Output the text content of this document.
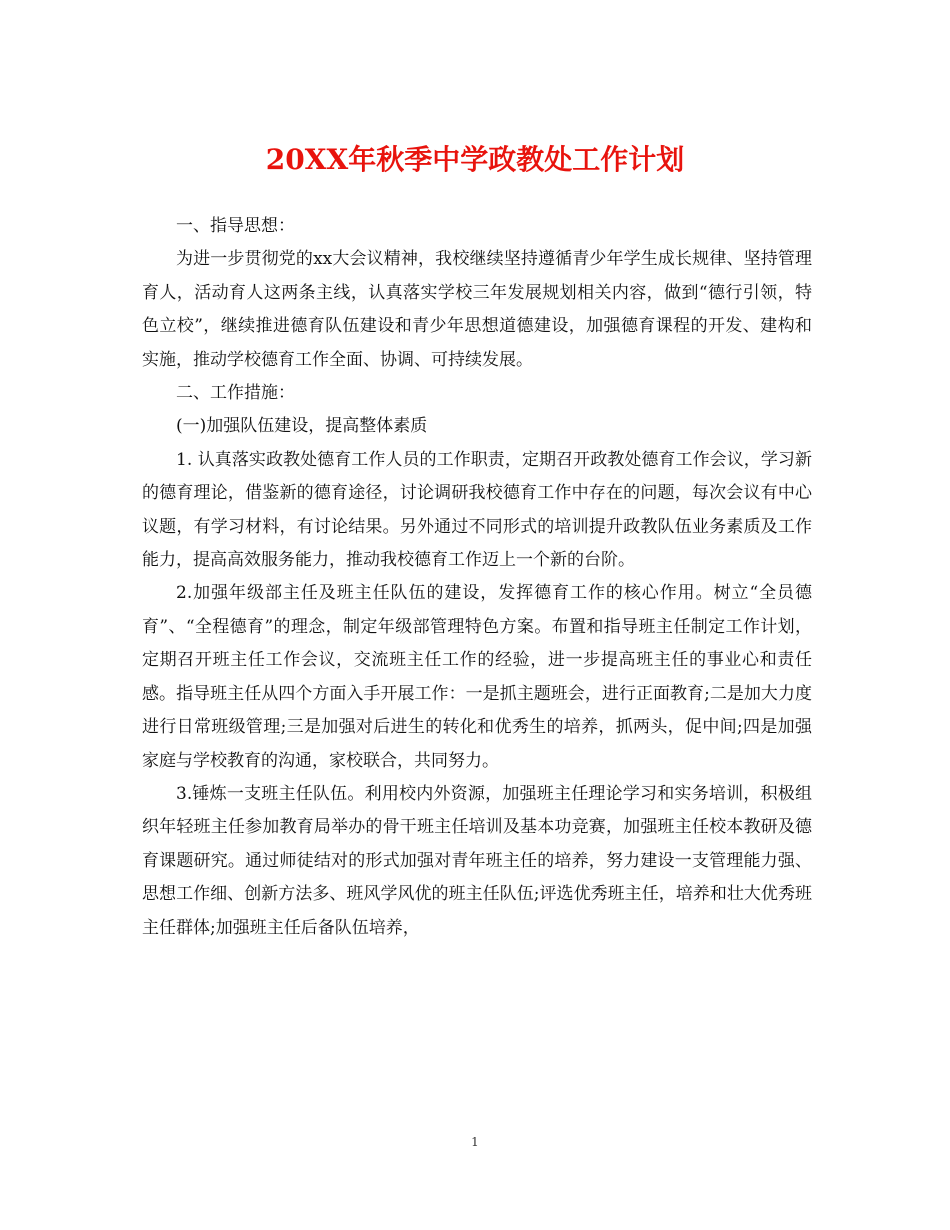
20XX年秋季中学政教处工作计划

一、指导思想：

为进一步贯彻党的xx大会议精神，我校继续坚持遵循青少年学生成长规律、坚持管理育人，活动育人这两条主线，认真落实学校三年发展规划相关内容，做到“德行引领，特色立校”，继续推进德育队伍建设和青少年思想道德建设，加强德育课程的开发、建构和实施，推动学校德育工作全面、协调、可持续发展。

二、工作措施：

(一)加强队伍建设，提高整体素质

1. 认真落实政教处德育工作人员的工作职责，定期召开政教处德育工作会议，学习新的德育理论，借鉴新的德育途径，讨论调研我校德育工作中存在的问题，每次会议有中心议题，有学习材料，有讨论结果。另外通过不同形式的培训提升政教队伍业务素质及工作能力，提高高效服务能力，推动我校德育工作迈上一个新的台阶。

2.加强年级部主任及班主任队伍的建设，发挥德育工作的核心作用。树立“全员德育”、“全程德育”的理念，制定年级部管理特色方案。布置和指导班主任制定工作计划，定期召开班主任工作会议，交流班主任工作的经验，进一步提高班主任的事业心和责任感。指导班主任从四个方面入手开展工作：一是抓主题班会，进行正面教育;二是加大力度进行日常班级管理;三是加强对后进生的转化和优秀生的培养，抓两头，促中间;四是加强家庭与学校教育的沟通，家校联合，共同努力。

3.锤炼一支班主任队伍。利用校内外资源，加强班主任理论学习和实务培训，积极组织年轻班主任参加教育局举办的骨干班主任培训及基本功竞赛，加强班主任校本教研及德育课题研究。通过师徒结对的形式加强对青年班主任的培养，努力建设一支管理能力强、思想工作细、创新方法多、班风学风优的班主任队伍;评选优秀班主任，培养和壮大优秀班主任群体;加强班主任后备队伍培养，

1
